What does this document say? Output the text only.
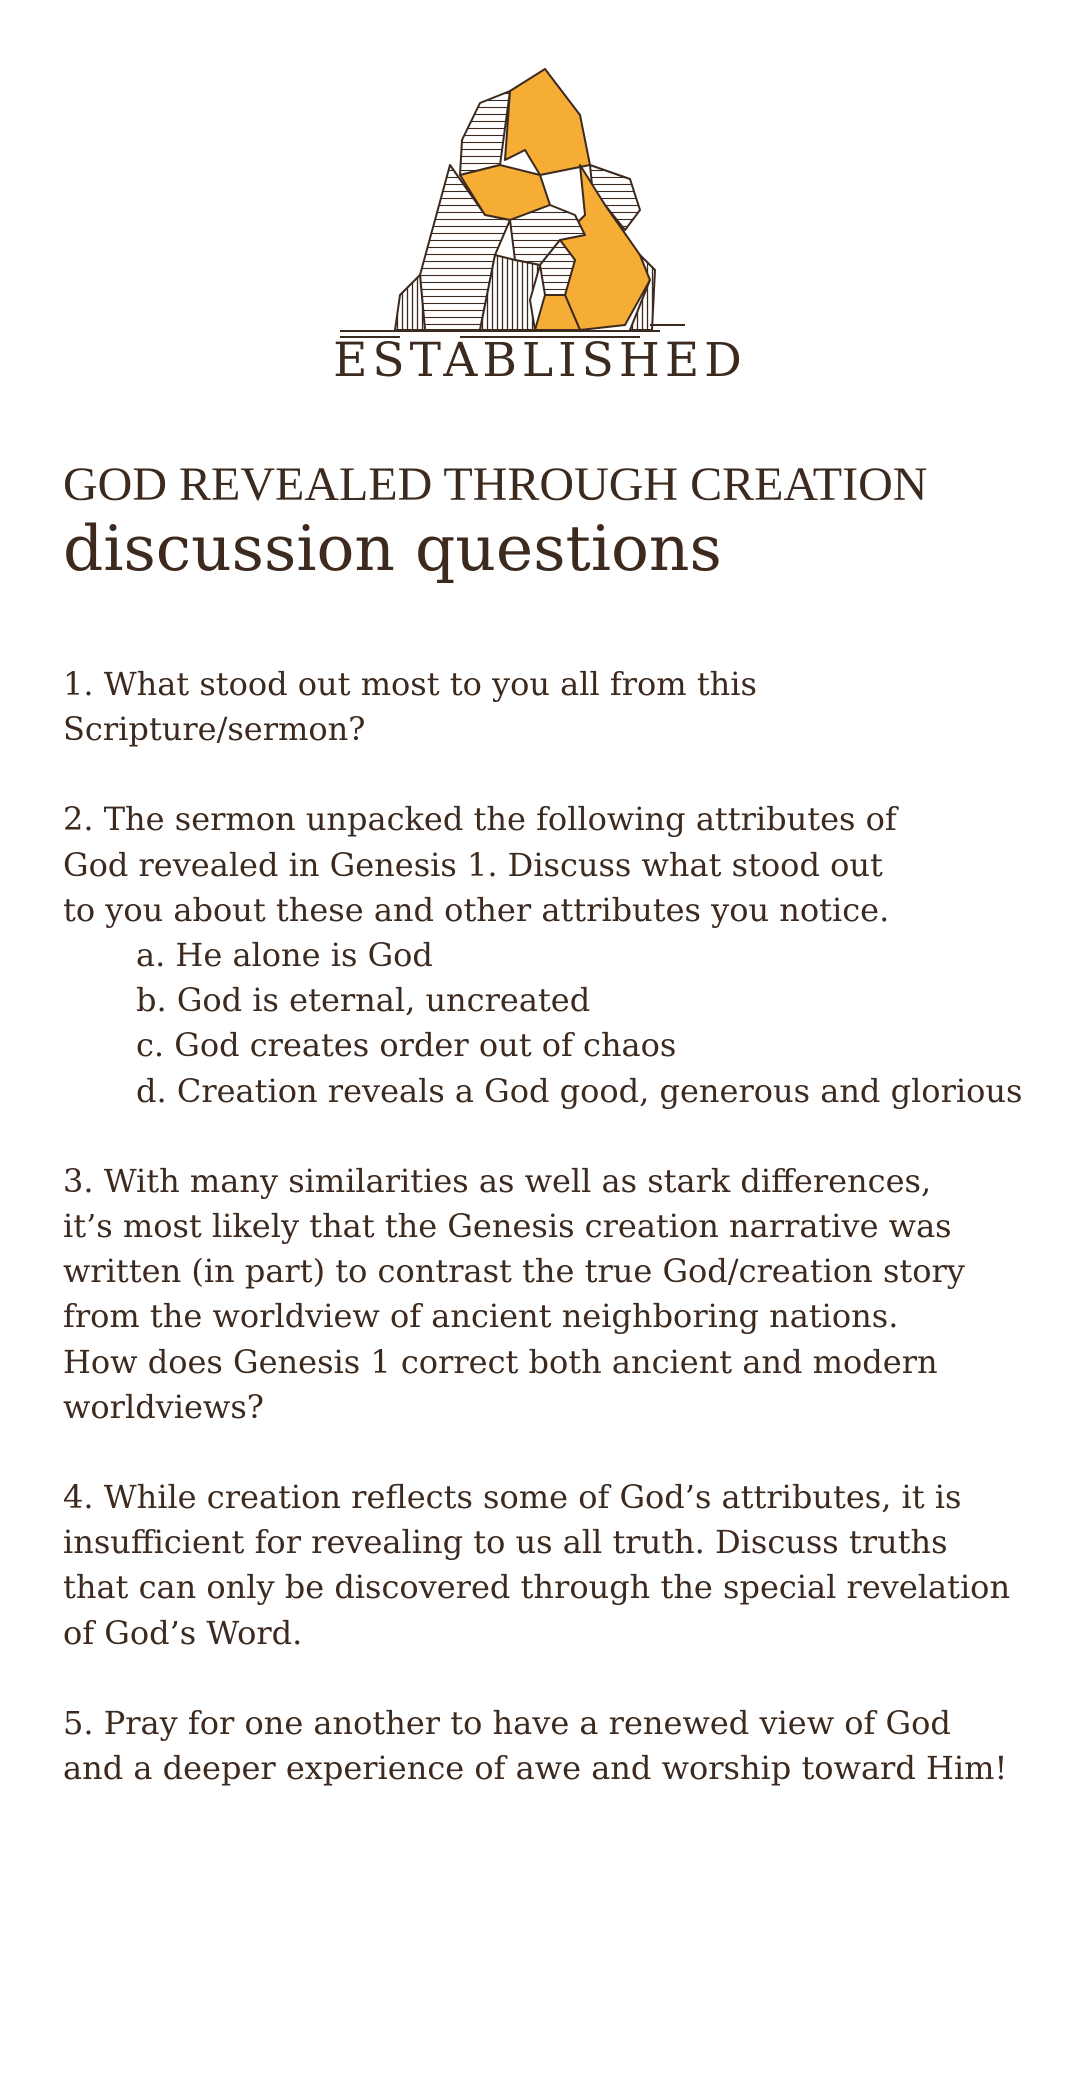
ESTABLISHED
GOD REVEALED THROUGH CREATION
discussion questions
1. What stood out most to you all from this
Scripture/sermon?
2. The sermon unpacked the following attributes of
God revealed in Genesis 1. Discuss what stood out
to you about these and other attributes you notice.
a. He alone is God
b. God is eternal, uncreated
c. God creates order out of chaos
d. Creation reveals a God good, generous and glorious
3. With many similarities as well as stark differences,
it’s most likely that the Genesis creation narrative was
written (in part) to contrast the true God/creation story
from the worldview of ancient neighboring nations.
How does Genesis 1 correct both ancient and modern
worldviews?
4. While creation reflects some of God’s attributes, it is
insufficient for revealing to us all truth. Discuss truths
that can only be discovered through the special revelation
of God’s Word.
5. Pray for one another to have a renewed view of God
and a deeper experience of awe and worship toward Him!
